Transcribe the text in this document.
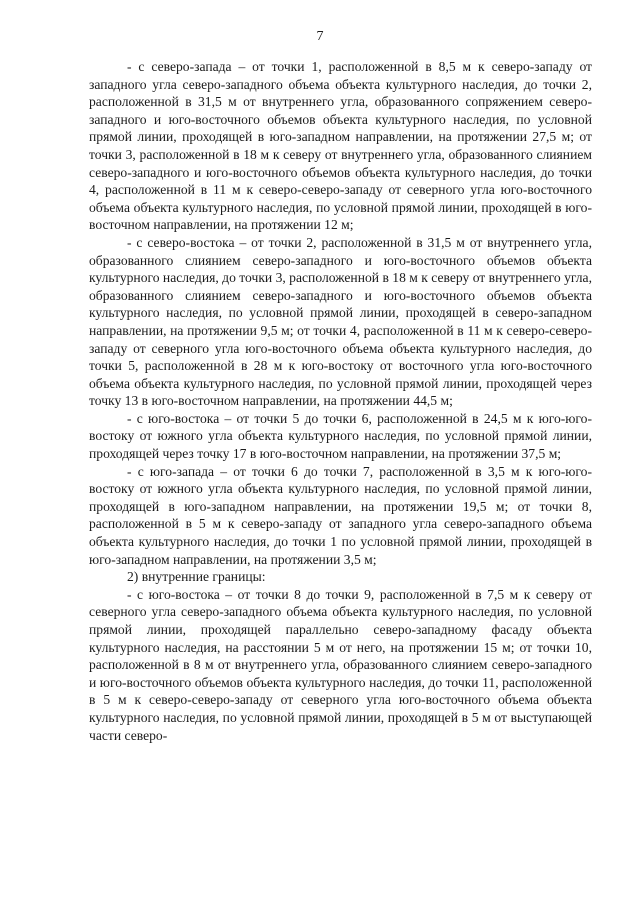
7

- с северо-запада – от точки 1, расположенной в 8,5 м к северо-западу от западного угла северо-западного объема объекта культурного наследия, до точки 2, расположенной в 31,5 м от внутреннего угла, образованного сопряжением северо-западного и юго-восточного объемов объекта культурного наследия, по условной прямой линии, проходящей в юго-западном направлении, на протяжении 27,5 м; от точки 3, расположенной в 18 м к северу от внутреннего угла, образованного слиянием северо-западного и юго-восточного объемов объекта культурного наследия, до точки 4, расположенной в 11 м к северо-северо-западу от северного угла юго-восточного объема объекта культурного наследия, по условной прямой линии, проходящей в юго-восточном направлении, на протяжении 12 м;

- с северо-востока – от точки 2, расположенной в 31,5 м от внутреннего угла, образованного слиянием северо-западного и юго-восточного объемов объекта культурного наследия, до точки 3, расположенной в 18 м к северу от внутреннего угла, образованного слиянием северо-западного и юго-восточного объемов объекта культурного наследия, по условной прямой линии, проходящей в северо-западном направлении, на протяжении 9,5 м; от точки 4, расположенной в 11 м к северо-северо-западу от северного угла юго-восточного объема объекта культурного наследия, до точки 5, расположенной в 28 м к юго-востоку от восточного угла юго-восточного объема объекта культурного наследия, по условной прямой линии, проходящей через точку 13 в юго-восточном направлении, на протяжении 44,5 м;

- с юго-востока – от точки 5 до точки 6, расположенной в 24,5 м к юго-юго-востоку от южного угла объекта культурного наследия, по условной прямой линии, проходящей через точку 17 в юго-восточном направлении, на протяжении 37,5 м;

- с юго-запада – от точки 6 до точки 7, расположенной в 3,5 м к юго-юго-востоку от южного угла объекта культурного наследия, по условной прямой линии, проходящей в юго-западном направлении, на протяжении 19,5 м; от точки 8, расположенной в 5 м к северо-западу от западного угла северо-западного объема объекта культурного наследия, до точки 1 по условной прямой линии, проходящей в юго-западном направлении, на протяжении 3,5 м;

2) внутренние границы:

- с юго-востока – от точки 8 до точки 9, расположенной в 7,5 м к северу от северного угла северо-западного объема объекта культурного наследия, по условной прямой линии, проходящей параллельно северо-западному фасаду объекта культурного наследия, на расстоянии 5 м от него, на протяжении 15 м; от точки 10, расположенной в 8 м от внутреннего угла, образованного слиянием северо-западного и юго-восточного объемов объекта культурного наследия, до точки 11, расположенной в 5 м к северо-северо-западу от северного угла юго-восточного объема объекта культурного наследия, по условной прямой линии, проходящей в 5 м от выступающей части северо-
